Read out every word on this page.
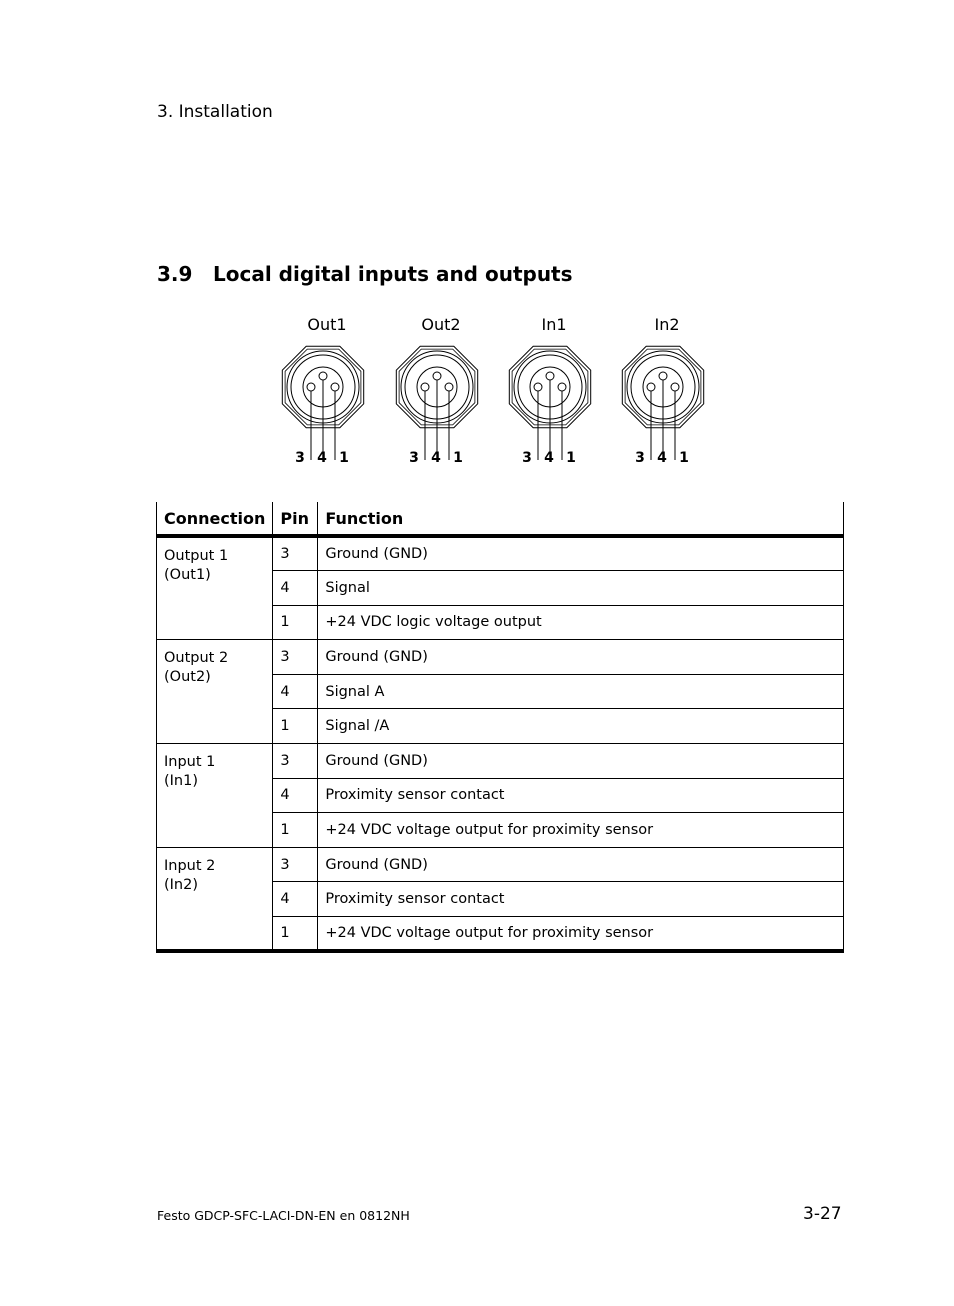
3. Installation
3.9 Local digital inputs and outputs
Out1
3 4 1
Out2
3 4 1
In1
3 4 1
In2
3 4 1
Connection	Pin	Function

Output 1
(Out1)	3	Ground (GND)
	4	Signal
	1	+24 VDC logic voltage output

Output 2
(Out2)	3	Ground (GND)
	4	Signal A
	1	Signal /A

Input 1
(In1)	3	Ground (GND)
	4	Proximity sensor contact
	1	+24 VDC voltage output for proximity sensor

Input 2
(In2)	3	Ground (GND)
	4	Proximity sensor contact
	1	+24 VDC voltage output for proximity sensor
Festo GDCP-SFC-LACI-DN-EN en 0812NH	3-27
